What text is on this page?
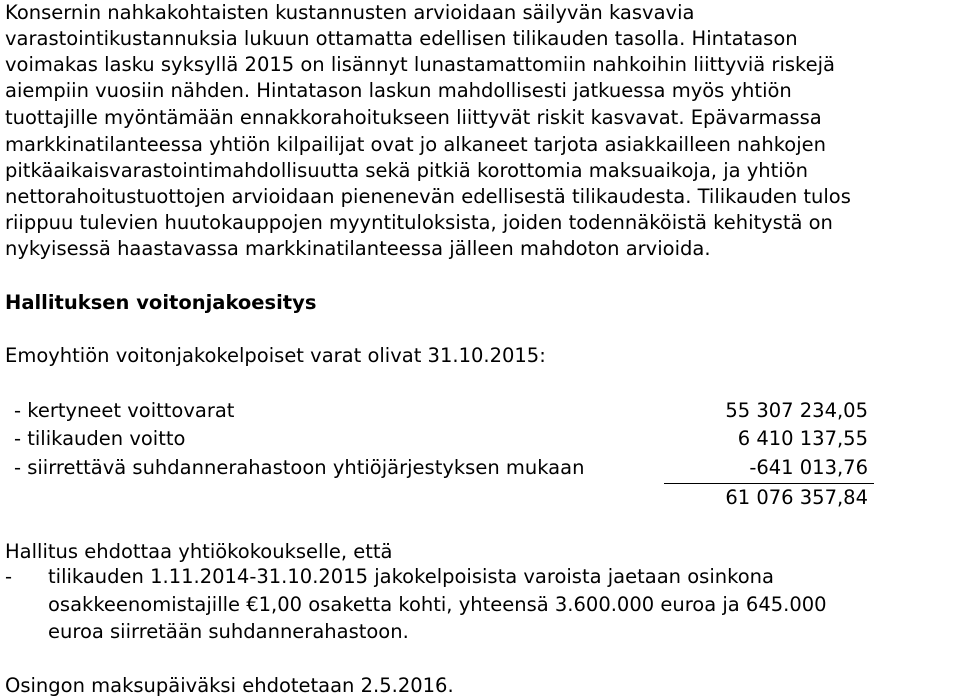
Konsernin nahkakohtaisten kustannusten arvioidaan säilyvän kasvavia
varastointikustannuksia lukuun ottamatta edellisen tilikauden tasolla. Hintatason
voimakas lasku syksyllä 2015 on lisännyt lunastamattomiin nahkoihin liittyviä riskejä
aiempiin vuosiin nähden. Hintatason laskun mahdollisesti jatkuessa myös yhtiön
tuottajille myöntämään ennakkorahoitukseen liittyvät riskit kasvavat. Epävarmassa
markkinatilanteessa yhtiön kilpailijat ovat jo alkaneet tarjota asiakkailleen nahkojen
pitkäaikaisvarastointimahdollisuutta sekä pitkiä korottomia maksuaikoja, ja yhtiön
nettorahoitustuottojen arvioidaan pienenevän edellisestä tilikaudesta. Tilikauden tulos
riippuu tulevien huutokauppojen myyntituloksista, joiden todennäköistä kehitystä on
nykyisessä haastavassa markkinatilanteessa jälleen mahdoton arvioida.
Hallituksen voitonjakoesitys
Emoyhtiön voitonjakokelpoiset varat olivat 31.10.2015:
- kertyneet voittovarat	55 307 234,05
- tilikauden voitto	6 410 137,55
- siirrettävä suhdannerahastoon yhtiöjärjestyksen mukaan	-641 013,76
61 076 357,84
Hallitus ehdottaa yhtiökokoukselle, että
- tilikauden 1.11.2014-31.10.2015 jakokelpoisista varoista jaetaan osinkona
osakkeenomistajille €1,00 osaketta kohti, yhteensä 3.600.000 euroa ja 645.000
euroa siirretään suhdannerahastoon.
Osingon maksupäiväksi ehdotetaan 2.5.2016.
